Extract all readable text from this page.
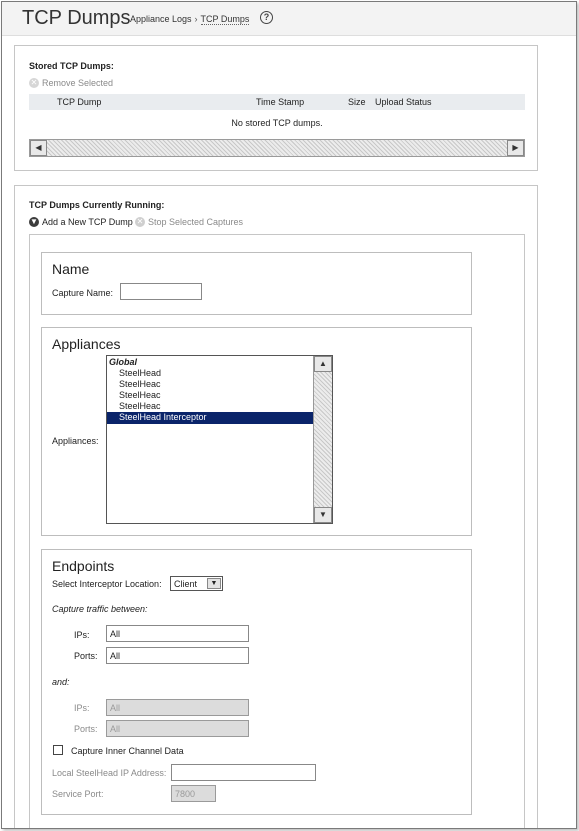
TCP Dumps Appliance Logs › TCP Dumps	?
Stored TCP Dumps:
✕ Remove Selected
TCP Dump	Time Stamp	Size Upload Status
No stored TCP dumps.
◀	▶
TCP Dumps Currently Running:
▼ Add a New TCP Dump ✕ Stop Selected Captures
Name
Capture Name:
Appliances
Appliances:
Global
SteelHead
SteelHeac
SteelHeac
SteelHeac
SteelHead Interceptor
▲
▼
Endpoints
Select Interceptor Location: Client	▼
Capture traffic between:
IPs:
All
Ports:
All
and:
IPs:
All
Ports:
All
Capture Inner Channel Data
Local SteelHead IP Address:
Service Port:
7800
